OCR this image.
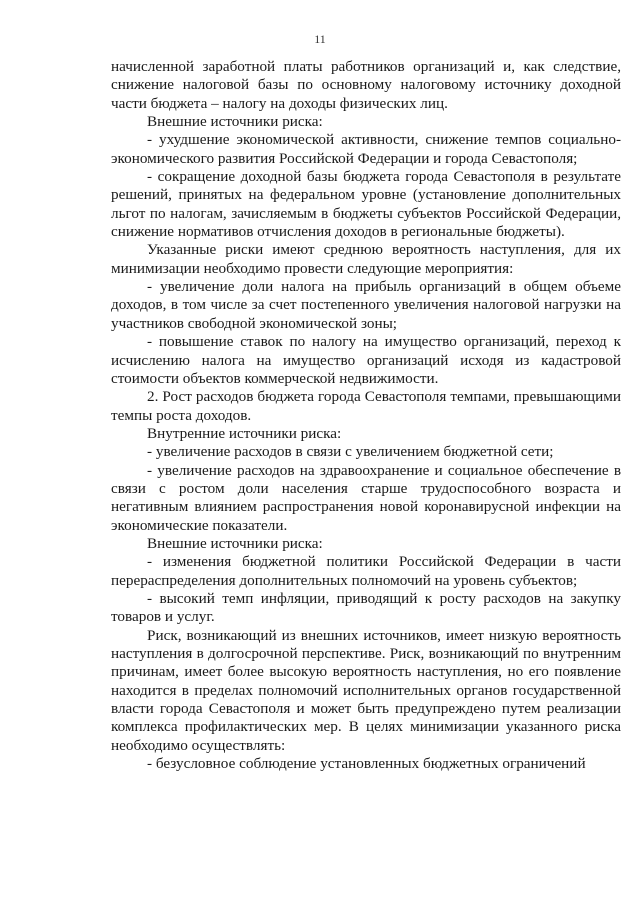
11

начисленной заработной платы работников организаций и, как следствие, снижение налоговой базы по основному налоговому источнику доходной части бюджета – налогу на доходы физических лиц.

Внешние источники риска:

- ухудшение экономической активности, снижение темпов социально-экономического развития Российской Федерации и города Севастополя;

- сокращение доходной базы бюджета города Севастополя в результате решений, принятых на федеральном уровне (установление дополнительных льгот по налогам, зачисляемым в бюджеты субъектов Российской Федерации, снижение нормативов отчисления доходов в региональные бюджеты).

Указанные риски имеют среднюю вероятность наступления, для их минимизации необходимо провести следующие мероприятия:

- увеличение доли налога на прибыль организаций в общем объеме доходов, в том числе за счет постепенного увеличения налоговой нагрузки на участников свободной экономической зоны;

- повышение ставок по налогу на имущество организаций, переход к исчислению налога на имущество организаций исходя из кадастровой стоимости объектов коммерческой недвижимости.

2. Рост расходов бюджета города Севастополя темпами, превышающими темпы роста доходов.

Внутренние источники риска:

- увеличение расходов в связи с увеличением бюджетной сети;

- увеличение расходов на здравоохранение и социальное обеспечение в связи с ростом доли населения старше трудоспособного возраста и негативным влиянием распространения новой коронавирусной инфекции на экономические показатели.

Внешние источники риска:

- изменения бюджетной политики Российской Федерации в части перераспределения дополнительных полномочий на уровень субъектов;

- высокий темп инфляции, приводящий к росту расходов на закупку товаров и услуг.

Риск, возникающий из внешних источников, имеет низкую вероятность наступления в долгосрочной перспективе. Риск, возникающий по внутренним причинам, имеет более высокую вероятность наступления, но его появление находится в пределах полномочий исполнительных органов государственной власти города Севастополя и может быть предупреждено путем реализации комплекса профилактических мер. В целях минимизации указанного риска необходимо осуществлять:

- безусловное соблюдение установленных бюджетных ограничений
